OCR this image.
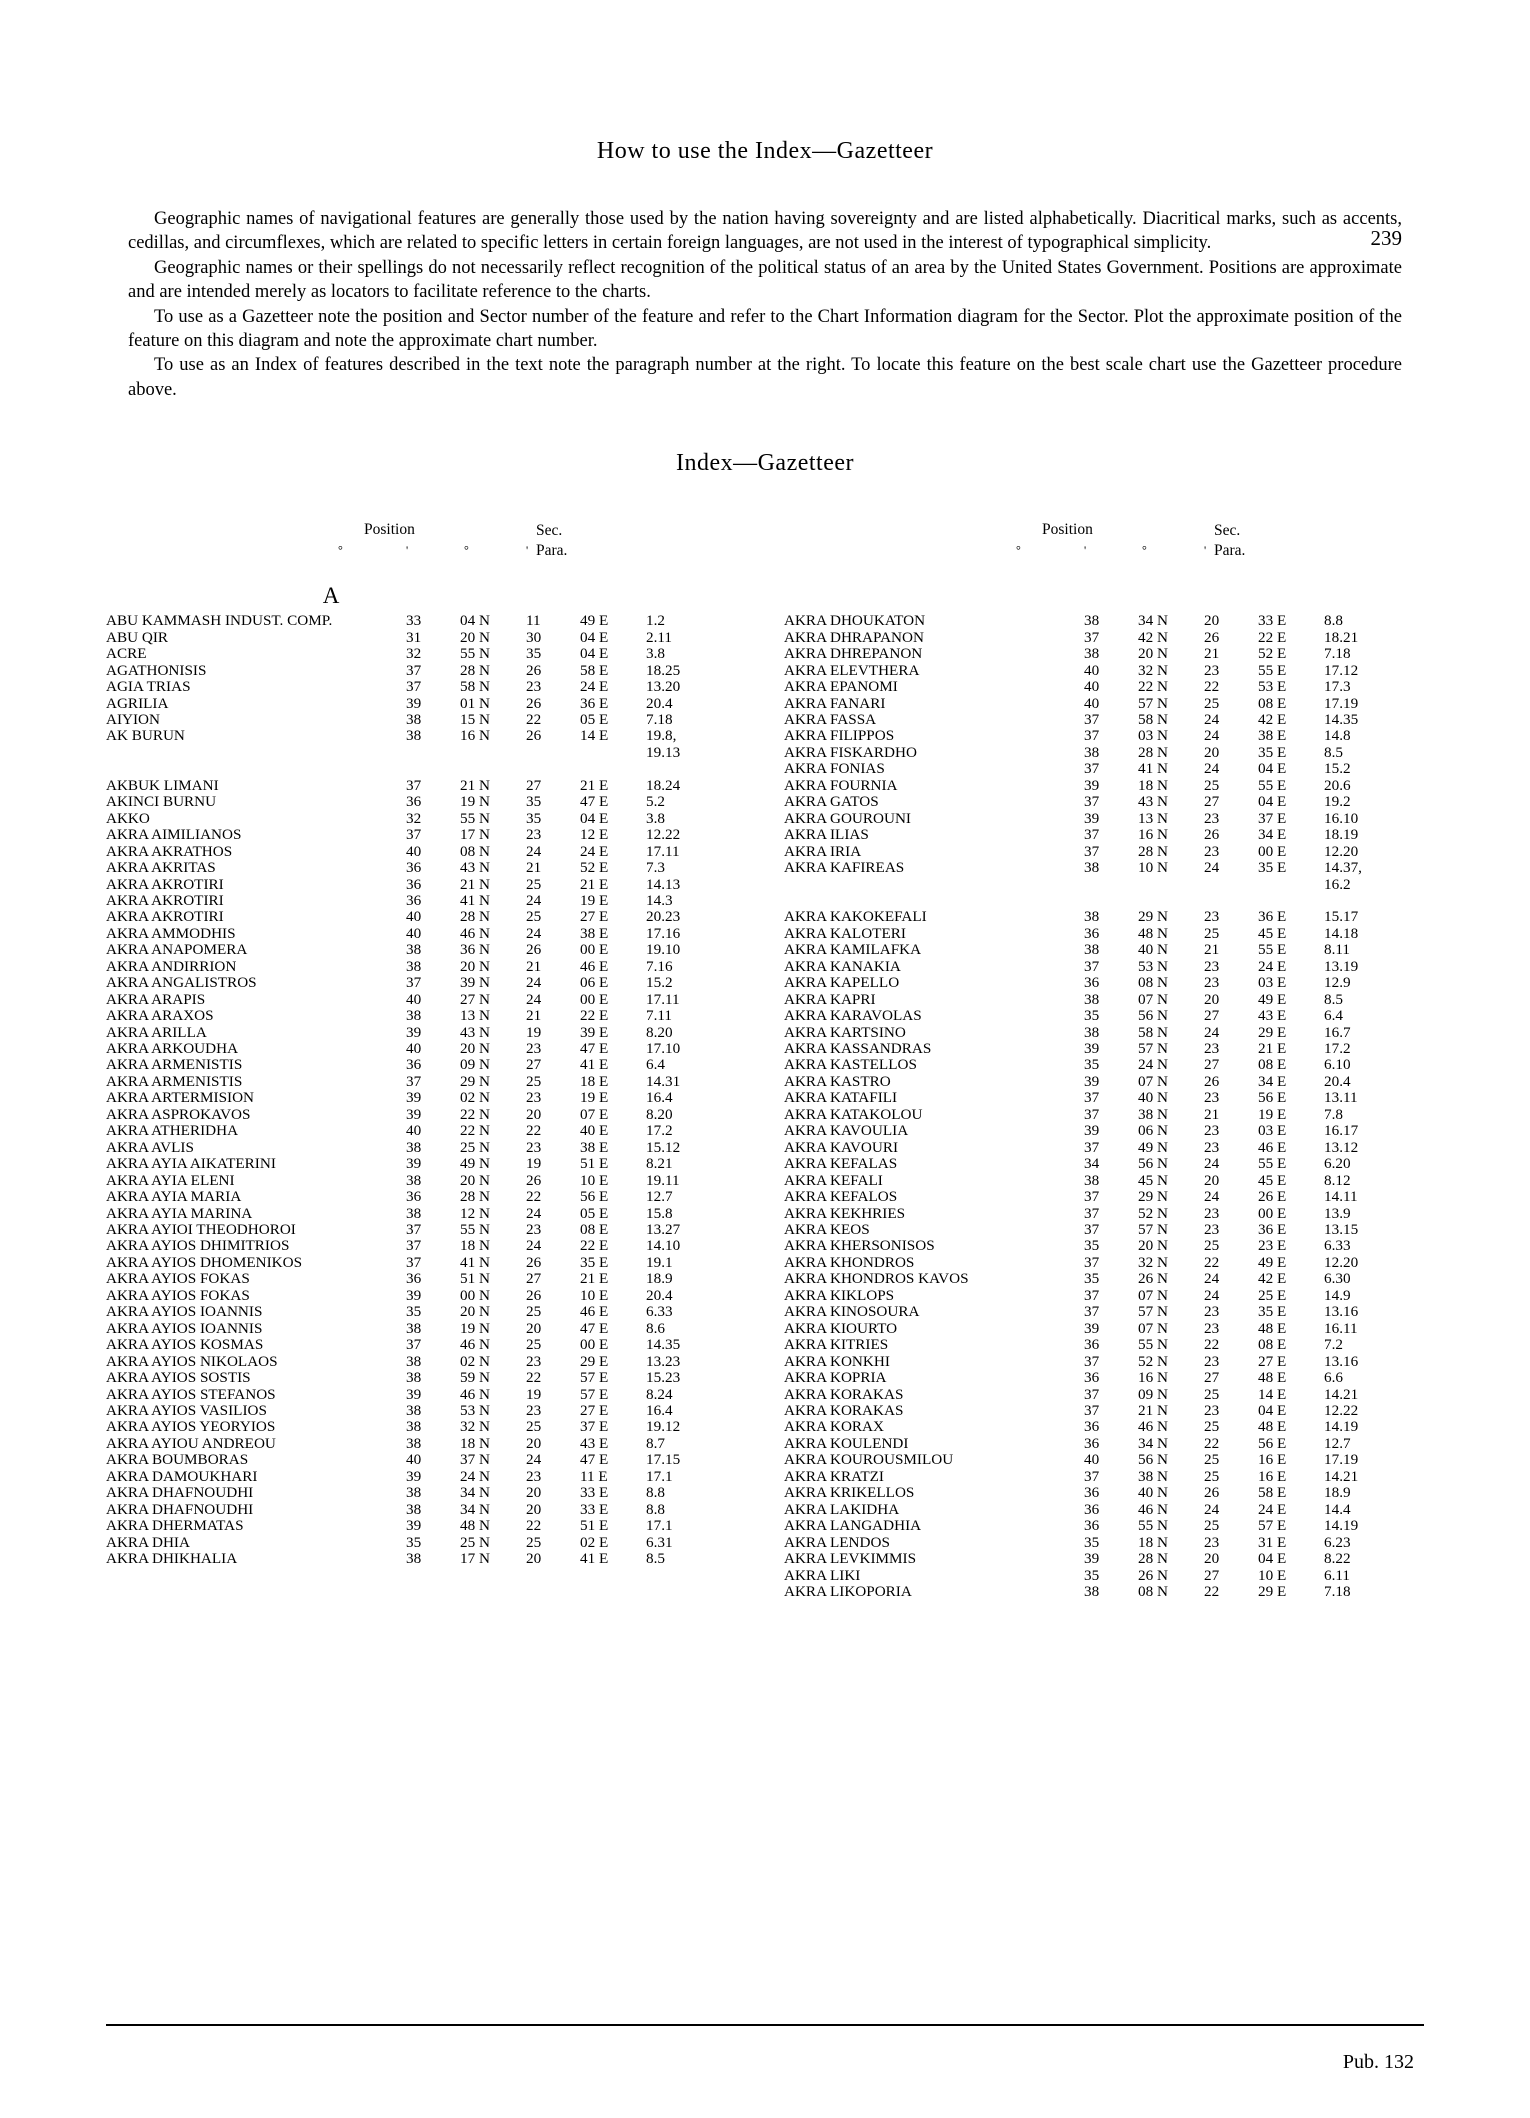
239
How to use the Index—Gazetteer

Geographic names of navigational features are generally those used by the nation having sovereignty and are listed alphabetically. Diacritical marks, such as accents, cedillas, and circumflexes, which are related to specific letters in certain foreign languages, are not used in the interest of typographical simplicity.

Geographic names or their spellings do not necessarily reflect recognition of the political status of an area by the United States Government. Positions are approximate and are intended merely as locators to facilitate reference to the charts.

To use as a Gazetteer note the position and Sector number of the feature and refer to the Chart Information diagram for the Sector. Plot the approximate position of the feature on this diagram and note the approximate chart number.

To use as an Index of features described in the text note the paragraph number at the right. To locate this feature on the best scale chart use the Gazetteer procedure above.

Index—Gazetteer
Position	Sec.
Para.
°	'	°	'
A
ABU KAMMASH INDUST. COMP.	33	04 N	11	49 E	1.2
ABU QIR	31	20 N	30	04 E	2.11
ACRE	32	55 N	35	04 E	3.8
AGATHONISIS	37	28 N	26	58 E	18.25
AGIA TRIAS	37	58 N	23	24 E	13.20
AGRILIA	39	01 N	26	36 E	20.4
AIYION	38	15 N	22	05 E	7.18
AK BURUN	38	16 N	26	14 E	19.8,
					19.13

AKBUK LIMANI	37	21 N	27	21 E	18.24
AKINCI BURNU	36	19 N	35	47 E	5.2
AKKO	32	55 N	35	04 E	3.8
AKRA AIMILIANOS	37	17 N	23	12 E	12.22
AKRA AKRATHOS	40	08 N	24	24 E	17.11
AKRA AKRITAS	36	43 N	21	52 E	7.3
AKRA AKROTIRI	36	21 N	25	21 E	14.13
AKRA AKROTIRI	36	41 N	24	19 E	14.3
AKRA AKROTIRI	40	28 N	25	27 E	20.23
AKRA AMMODHIS	40	46 N	24	38 E	17.16
AKRA ANAPOMERA	38	36 N	26	00 E	19.10
AKRA ANDIRRION	38	20 N	21	46 E	7.16
AKRA ANGALISTROS	37	39 N	24	06 E	15.2
AKRA ARAPIS	40	27 N	24	00 E	17.11
AKRA ARAXOS	38	13 N	21	22 E	7.11
AKRA ARILLA	39	43 N	19	39 E	8.20
AKRA ARKOUDHA	40	20 N	23	47 E	17.10
AKRA ARMENISTIS	36	09 N	27	41 E	6.4
AKRA ARMENISTIS	37	29 N	25	18 E	14.31
AKRA ARTERMISION	39	02 N	23	19 E	16.4
AKRA ASPROKAVOS	39	22 N	20	07 E	8.20
AKRA ATHERIDHA	40	22 N	22	40 E	17.2
AKRA AVLIS	38	25 N	23	38 E	15.12
AKRA AYIA AIKATERINI	39	49 N	19	51 E	8.21
AKRA AYIA ELENI	38	20 N	26	10 E	19.11
AKRA AYIA MARIA	36	28 N	22	56 E	12.7
AKRA AYIA MARINA	38	12 N	24	05 E	15.8
AKRA AYIOI THEODHOROI	37	55 N	23	08 E	13.27
AKRA AYIOS DHIMITRIOS	37	18 N	24	22 E	14.10
AKRA AYIOS DHOMENIKOS	37	41 N	26	35 E	19.1
AKRA AYIOS FOKAS	36	51 N	27	21 E	18.9
AKRA AYIOS FOKAS	39	00 N	26	10 E	20.4
AKRA AYIOS IOANNIS	35	20 N	25	46 E	6.33
AKRA AYIOS IOANNIS	38	19 N	20	47 E	8.6
AKRA AYIOS KOSMAS	37	46 N	25	00 E	14.35
AKRA AYIOS NIKOLAOS	38	02 N	23	29 E	13.23
AKRA AYIOS SOSTIS	38	59 N	22	57 E	15.23
AKRA AYIOS STEFANOS	39	46 N	19	57 E	8.24
AKRA AYIOS VASILIOS	38	53 N	23	27 E	16.4
AKRA AYIOS YEORYIOS	38	32 N	25	37 E	19.12
AKRA AYIOU ANDREOU	38	18 N	20	43 E	8.7
AKRA BOUMBORAS	40	37 N	24	47 E	17.15
AKRA DAMOUKHARI	39	24 N	23	11 E	17.1
AKRA DHAFNOUDHI	38	34 N	20	33 E	8.8
AKRA DHAFNOUDHI	38	34 N	20	33 E	8.8
AKRA DHERMATAS	39	48 N	22	51 E	17.1
AKRA DHIA	35	25 N	25	02 E	6.31
AKRA DHIKHALIA	38	17 N	20	41 E	8.5
Position	Sec.
Para.
°	'	°	'

AKRA DHOUKATON	38	34 N	20	33 E	8.8
AKRA DHRAPANON	37	42 N	26	22 E	18.21
AKRA DHREPANON	38	20 N	21	52 E	7.18
AKRA ELEVTHERA	40	32 N	23	55 E	17.12
AKRA EPANOMI	40	22 N	22	53 E	17.3
AKRA FANARI	40	57 N	25	08 E	17.19
AKRA FASSA	37	58 N	24	42 E	14.35
AKRA FILIPPOS	37	03 N	24	38 E	14.8
AKRA FISKARDHO	38	28 N	20	35 E	8.5
AKRA FONIAS	37	41 N	24	04 E	15.2
AKRA FOURNIA	39	18 N	25	55 E	20.6
AKRA GATOS	37	43 N	27	04 E	19.2
AKRA GOUROUNI	39	13 N	23	37 E	16.10
AKRA ILIAS	37	16 N	26	34 E	18.19
AKRA IRIA	37	28 N	23	00 E	12.20
AKRA KAFIREAS	38	10 N	24	35 E	14.37,
					16.2

AKRA KAKOKEFALI	38	29 N	23	36 E	15.17
AKRA KALOTERI	36	48 N	25	45 E	14.18
AKRA KAMILAFKA	38	40 N	21	55 E	8.11
AKRA KANAKIA	37	53 N	23	24 E	13.19
AKRA KAPELLO	36	08 N	23	03 E	12.9
AKRA KAPRI	38	07 N	20	49 E	8.5
AKRA KARAVOLAS	35	56 N	27	43 E	6.4
AKRA KARTSINO	38	58 N	24	29 E	16.7
AKRA KASSANDRAS	39	57 N	23	21 E	17.2
AKRA KASTELLOS	35	24 N	27	08 E	6.10
AKRA KASTRO	39	07 N	26	34 E	20.4
AKRA KATAFILI	37	40 N	23	56 E	13.11
AKRA KATAKOLOU	37	38 N	21	19 E	7.8
AKRA KAVOULIA	39	06 N	23	03 E	16.17
AKRA KAVOURI	37	49 N	23	46 E	13.12
AKRA KEFALAS	34	56 N	24	55 E	6.20
AKRA KEFALI	38	45 N	20	45 E	8.12
AKRA KEFALOS	37	29 N	24	26 E	14.11
AKRA KEKHRIES	37	52 N	23	00 E	13.9
AKRA KEOS	37	57 N	23	36 E	13.15
AKRA KHERSONISOS	35	20 N	25	23 E	6.33
AKRA KHONDROS	37	32 N	22	49 E	12.20
AKRA KHONDROS KAVOS	35	26 N	24	42 E	6.30
AKRA KIKLOPS	37	07 N	24	25 E	14.9
AKRA KINOSOURA	37	57 N	23	35 E	13.16
AKRA KIOURTO	39	07 N	23	48 E	16.11
AKRA KITRIES	36	55 N	22	08 E	7.2
AKRA KONKHI	37	52 N	23	27 E	13.16
AKRA KOPRIA	36	16 N	27	48 E	6.6
AKRA KORAKAS	37	09 N	25	14 E	14.21
AKRA KORAKAS	37	21 N	23	04 E	12.22
AKRA KORAX	36	46 N	25	48 E	14.19
AKRA KOULENDI	36	34 N	22	56 E	12.7
AKRA KOUROUSMILOU	40	56 N	25	16 E	17.19
AKRA KRATZI	37	38 N	25	16 E	14.21
AKRA KRIKELLOS	36	40 N	26	58 E	18.9
AKRA LAKIDHA	36	46 N	24	24 E	14.4
AKRA LANGADHIA	36	55 N	25	57 E	14.19
AKRA LENDOS	35	18 N	23	31 E	6.23
AKRA LEVKIMMIS	39	28 N	20	04 E	8.22
AKRA LIKI	35	26 N	27	10 E	6.11
AKRA LIKOPORIA	38	08 N	22	29 E	7.18
Pub. 132
